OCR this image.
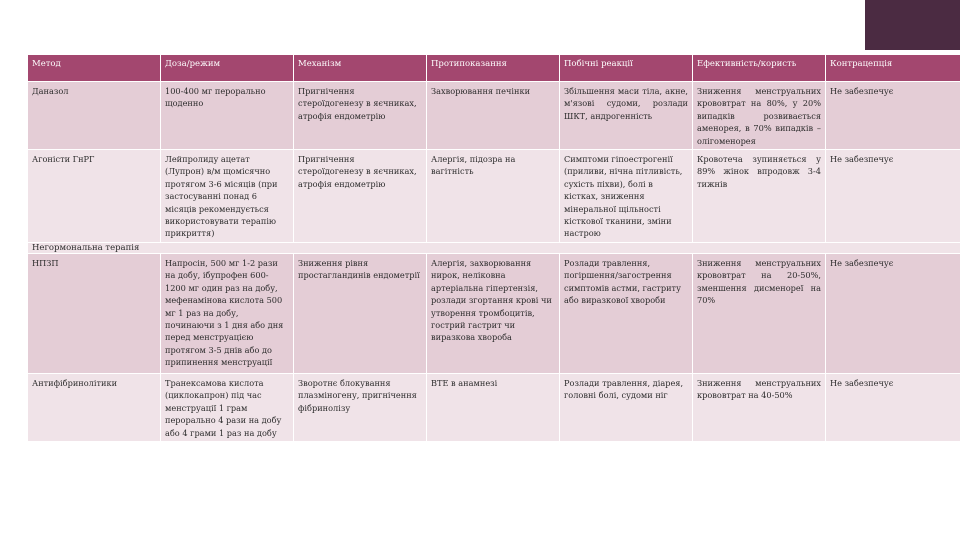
Метод	Доза/режим	Механізм	Протипоказання	Побічні реакції	Ефективність/користь	Контрацепція
Даназол	100-400 мг перорально щоденно	Пригнічення стероїдогенезу в яєчниках, атрофія ендометрію	Захворювання печінки	Збільшення маси тіла, акне, м'язові судоми, розлади ШКТ, андрогенність	Зниження менструальних крововтрат на 80%, у 20% випадків розвивається аменорея, в 70% випадків – олігоменорея	Не забезпечує
Агоністи ГнРГ	Лейпролиду ацетат (Лупрон) в/м щомісячно протягом 3-6 місяців (при застосуванні понад 6 місяців рекомендується використовувати терапію прикриття)	Пригнічення стероїдогенезу в яєчниках, атрофія ендометрію	Алергія, підозра на вагітність	Симптоми гіпоестрогенії (приливи, нічна пітливість, сухість піхви), болі в кістках, зниження мінеральної щільності кісткової тканини, зміни настрою	Кровотеча зупиняється у 89% жінок впродовж 3-4 тижнів	Не забезпечує
Негормональна терапія						
НПЗП	Напросін, 500 мг 1-2 рази на добу, ібупрофен 600-1200 мг один раз на добу, мефенамінова кислота 500 мг 1 раз на добу, починаючи з 1 дня або дня перед менструацією протягом 3-5 днів або до припинення менструації	Зниження рівня простагландинів ендометрії	Алергія, захворювання нирок, неліковна артеріальна гіпертензія, розлади згортання крові чи утворення тромбоцитів, гострий гастрит чи виразкова хвороба	Розлади травлення, погіршення/загострення симптомів астми, гастриту або виразкової хвороби	Зниження менструальних крововтрат на 20-50%, зменшення дисменореї на 70%	Не забезпечує
Антифібринолітики	Транексамова кислота (циклокапрон) під час менструації 1 грам перорально 4 рази на добу або 4 грами 1 раз на добу	Зворотнє блокування плазміногену, пригнічення фібринолізу	ВТЕ в анамнезі	Розлади травлення, діарея, головні болі, судоми ніг	Зниження менструальних крововтрат на 40-50%	Не забезпечує
